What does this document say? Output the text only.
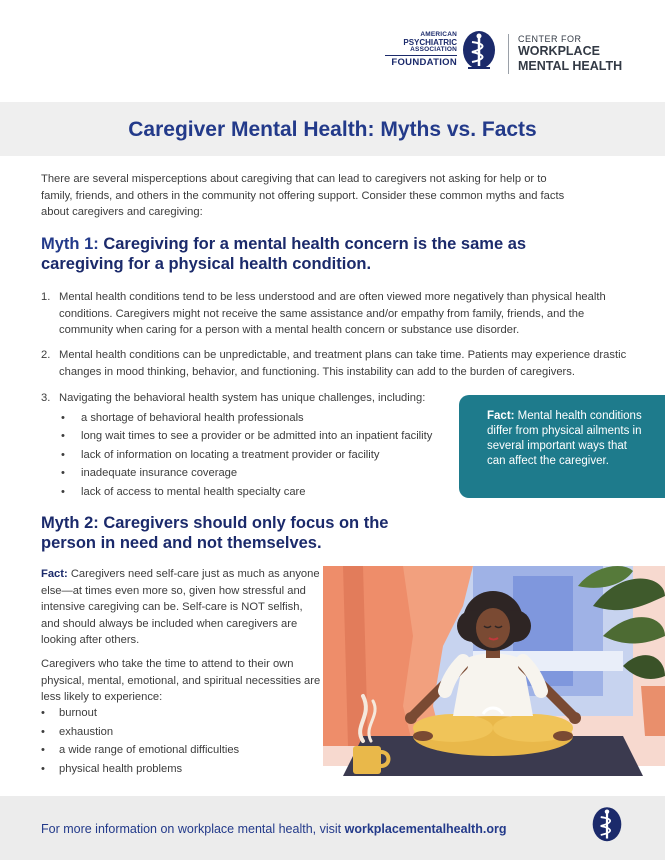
AMERICAN
PSYCHIATRIC
ASSOCIATION
FOUNDATION
CENTER FOR
WORKPLACE
MENTAL HEALTH
Caregiver Mental Health: Myths vs. Facts

There are several misperceptions about caregiving that can lead to caregivers not asking for help or to family, friends, and others in the community not offering support. Consider these common myths and facts about caregivers and caregiving:

Myth 1: Caregiving for a mental health concern is the same as caregiving for a physical health condition.
1. Mental health conditions tend to be less understood and are often viewed more negatively than physical health conditions. Caregivers might not receive the same assistance and/or empathy from family, friends, and the community when caring for a person with a mental health concern or substance use disorder.

2. Mental health conditions can be unpredictable, and treatment plans can take time. Patients may experience drastic changes in mood thinking, behavior, and functioning. This instability can add to the burden of caregivers.

3. Navigating the behavioral health system has unique challenges, including:

• a shortage of behavioral health professionals
• long wait times to see a provider or be admitted into an inpatient facility
• lack of information on locating a treatment provider or facility
• inadequate insurance coverage
• lack of access to mental health specialty care
Fact: Mental health conditions differ from physical ailments in several important ways that can affect the caregiver.
Myth 2: Caregivers should only focus on the person in need and not themselves.

Fact: Caregivers need self-care just as much as anyone else—at times even more so, given how stressful and intensive caregiving can be. Self-care is NOT selfish, and should always be included when caregivers are looking after others.

Caregivers who take the time to attend to their own physical, mental, emotional, and spiritual necessities are less likely to experience:

• burnout
• exhaustion
• a wide range of emotional difficulties
• physical health problems

For more information on workplace mental health, visit workplacementalhealth.org
